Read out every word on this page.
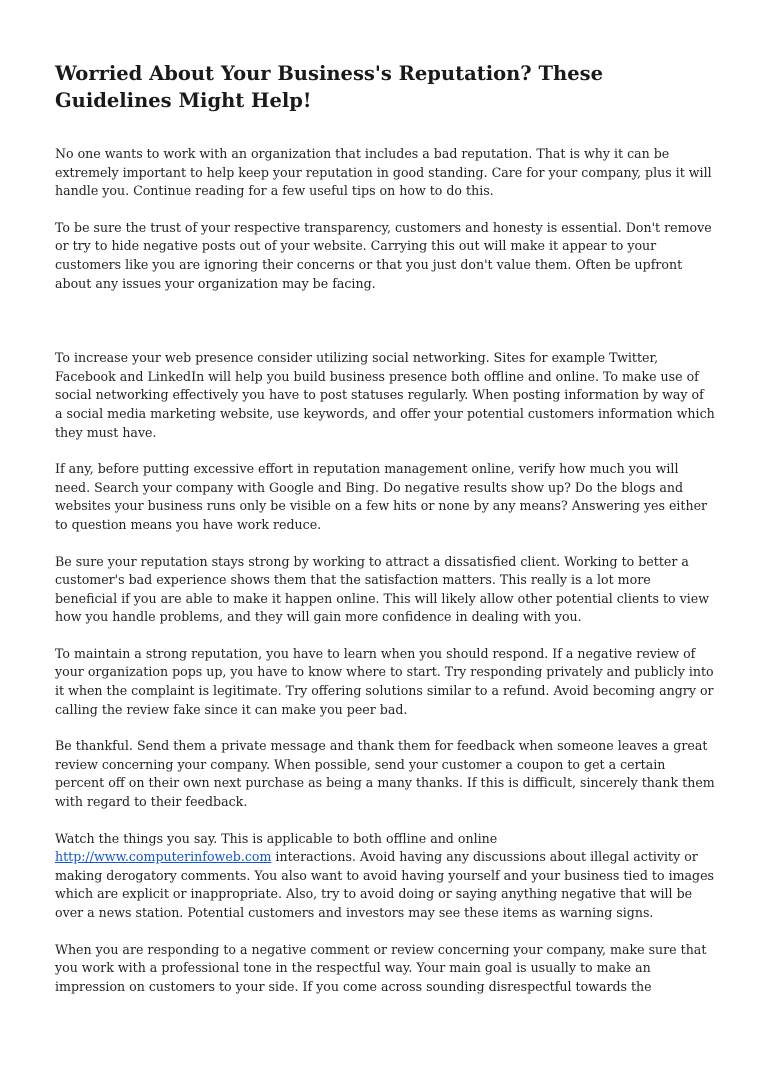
Worried About Your Business's Reputation? These Guidelines Might Help!

No one wants to work with an organization that includes a bad reputation. That is why it can be extremely important to help keep your reputation in good standing. Care for your company, plus it will handle you. Continue reading for a few useful tips on how to do this.

To be sure the trust of your respective transparency, customers and honesty is essential. Don't remove or try to hide negative posts out of your website. Carrying this out will make it appear to your customers like you are ignoring their concerns or that you just don't value them. Often be upfront about any issues your organization may be facing.

To increase your web presence consider utilizing social networking. Sites for example Twitter, Facebook and LinkedIn will help you build business presence both offline and online. To make use of social networking effectively you have to post statuses regularly. When posting information by way of a social media marketing website, use keywords, and offer your potential customers information which they must have.

If any, before putting excessive effort in reputation management online, verify how much you will need. Search your company with Google and Bing. Do negative results show up? Do the blogs and websites your business runs only be visible on a few hits or none by any means? Answering yes either to question means you have work reduce.

Be sure your reputation stays strong by working to attract a dissatisfied client. Working to better a customer's bad experience shows them that the satisfaction matters. This really is a lot more beneficial if you are able to make it happen online. This will likely allow other potential clients to view how you handle problems, and they will gain more confidence in dealing with you.

To maintain a strong reputation, you have to learn when you should respond. If a negative review of your organization pops up, you have to know where to start. Try responding privately and publicly into it when the complaint is legitimate. Try offering solutions similar to a refund. Avoid becoming angry or calling the review fake since it can make you peer bad.

Be thankful. Send them a private message and thank them for feedback when someone leaves a great review concerning your company. When possible, send your customer a coupon to get a certain percent off on their own next purchase as being a many thanks. If this is difficult, sincerely thank them with regard to their feedback.

Watch the things you say. This is applicable to both offline and online http://www.computerinfoweb.com interactions. Avoid having any discussions about illegal activity or making derogatory comments. You also want to avoid having yourself and your business tied to images which are explicit or inappropriate. Also, try to avoid doing or saying anything negative that will be over a news station. Potential customers and investors may see these items as warning signs.

When you are responding to a negative comment or review concerning your company, make sure that you work with a professional tone in the respectful way. Your main goal is usually to make an impression on customers to your side. If you come across sounding disrespectful towards the
